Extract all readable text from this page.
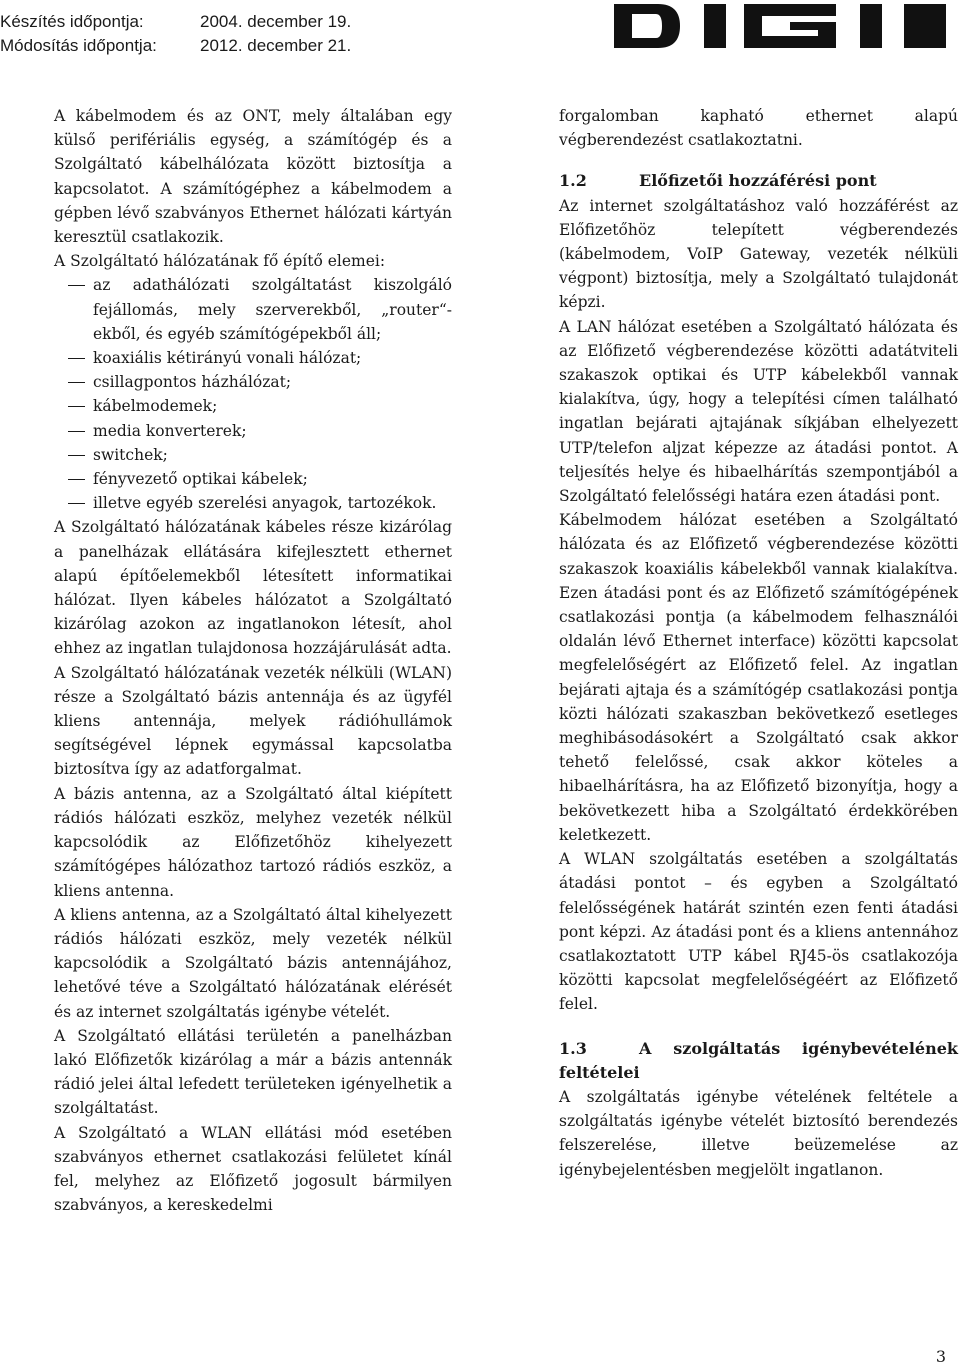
Készítés időpontja:	2004. december 19.
Módosítás időpontja:	2012. december 21.

A kábelmodem és az ONT, mely általában egy külső perifériális egység, a számítógép és a Szolgáltató kábelhálózata között biztosítja a kapcsolatot. A számítógéphez a kábelmodem a gépben lévő szabványos Ethernet hálózati kártyán keresztül csatlakozik.

A Szolgáltató hálózatának fő építő elemei:

az adathálózati szolgáltatást kiszolgáló fejállomás, mely szerverekből, „router“-ekből, és egyéb számítógépekből áll;
koaxiális kétirányú vonali hálózat;
csillagpontos házhálózat;
kábelmodemek;
media konverterek;
switchek;
fényvezető optikai kábelek;
illetve egyéb szerelési anyagok, tartozékok.

A Szolgáltató hálózatának kábeles része kizárólag a panelházak ellátására kifejlesztett ethernet alapú építőelemekből létesített informatikai hálózat. Ilyen kábeles hálózatot a Szolgáltató kizárólag azokon az ingatlanokon létesít, ahol ehhez az ingatlan tulajdonosa hozzájárulását adta.

A Szolgáltató hálózatának vezeték nélküli (WLAN) része a Szolgáltató bázis antennája és az ügyfél kliens antennája, melyek rádióhullámok segítségével lépnek egymással kapcsolatba biztosítva így az adatforgalmat.

A bázis antenna, az a Szolgáltató által kiépített rádiós hálózati eszköz, melyhez vezeték nélkül kapcsolódik az Előfizetőhöz kihelyezett számítógépes hálózathoz tartozó rádiós eszköz, a kliens antenna.

A kliens antenna, az a Szolgáltató által kihelyezett rádiós hálózati eszköz, mely vezeték nélkül kapcsolódik a Szolgáltató bázis antennájához, lehetővé téve a Szolgáltató hálózatának elérését és az internet szolgáltatás igénybe vételét.

A Szolgáltató ellátási területén a panelházban lakó Előfizetők kizárólag a már a bázis antennák rádió jelei által lefedett területeken igényelhetik a szolgáltatást.

A Szolgáltató a WLAN ellátási mód esetében szabványos ethernet csatlakozási felületet kínál fel, melyhez az Előfizető jogosult bármilyen szabványos, a kereskedelmi

forgalomban kapható ethernet alapú végberendezést csatlakoztatni.

1.2	Előfizetői hozzáférési pont

Az internet szolgáltatáshoz való hozzáférést az Előfizetőhöz telepített végberendezés (kábelmodem, VoIP Gateway, vezeték nélküli végpont) biztosítja, mely a Szolgáltató tulajdonát képzi.

A LAN hálózat esetében a Szolgáltató hálózata és az Előfizető végberendezése közötti adatátviteli szakaszok optikai és UTP kábelekből vannak kialakítva, úgy, hogy a telepítési címen található ingatlan bejárati ajtajának síkjában elhelyezett UTP/telefon aljzat képezze az átadási pontot. A teljesítés helye és hibaelhárítás szempontjából a Szolgáltató felelősségi határa ezen átadási pont.

Kábelmodem hálózat esetében a Szolgáltató hálózata és az Előfizető végberendezése közötti szakaszok koaxiális kábelekből vannak kialakítva. Ezen átadási pont és az Előfizető számítógépének csatlakozási pontja (a kábelmodem felhasználói oldalán lévő Ethernet interface) közötti kapcsolat megfelelőségért az Előfizető felel. Az ingatlan bejárati ajtaja és a számítógép csatlakozási pontja közti hálózati szakaszban bekövetkező esetleges meghibásodásokért a Szolgáltató csak akkor tehető felelőssé, csak akkor köteles a hibaelhárításra, ha az Előfizető bizonyítja, hogy a bekövetkezett hiba a Szolgáltató érdekkörében keletkezett.

A WLAN szolgáltatás esetében a szolgáltatás átadási pontot – és egyben a Szolgáltató felelősségének határát szintén ezen fenti átadási pont képzi. Az átadási pont és a kliens antennához csatlakoztatott UTP kábel RJ45-ös csatlakozója közötti kapcsolat megfelelőségéért az Előfizető felel.

1.3	A szolgáltatás igénybevételének feltételei

A szolgáltatás igénybe vételének feltétele a szolgáltatás igénybe vételét biztosító berendezés felszerelése, illetve beüzemelése az igénybejelentésben megjelölt ingatlanon.

3
